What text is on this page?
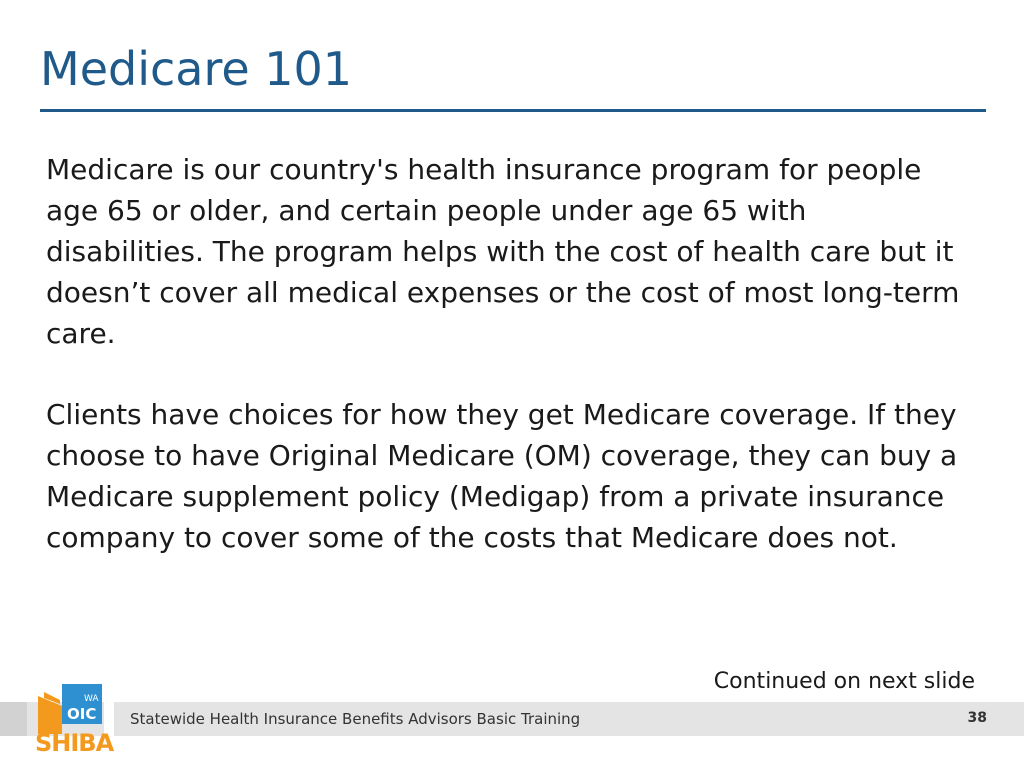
Medicare 101
Medicare is our country's health insurance program for people age 65 or older, and certain people under age 65 with disabilities. The program helps with the cost of health care but it doesn’t cover all medical expenses or the cost of most long-term care.
Clients have choices for how they get Medicare coverage. If they choose to have Original Medicare (OM) coverage, they can buy a Medicare supplement policy (Medigap) from a private insurance company to cover some of the costs that Medicare does not.
Continued on next slide
WA
OIC
SHIBA
Statewide Health Insurance Benefits Advisors Basic Training	38
